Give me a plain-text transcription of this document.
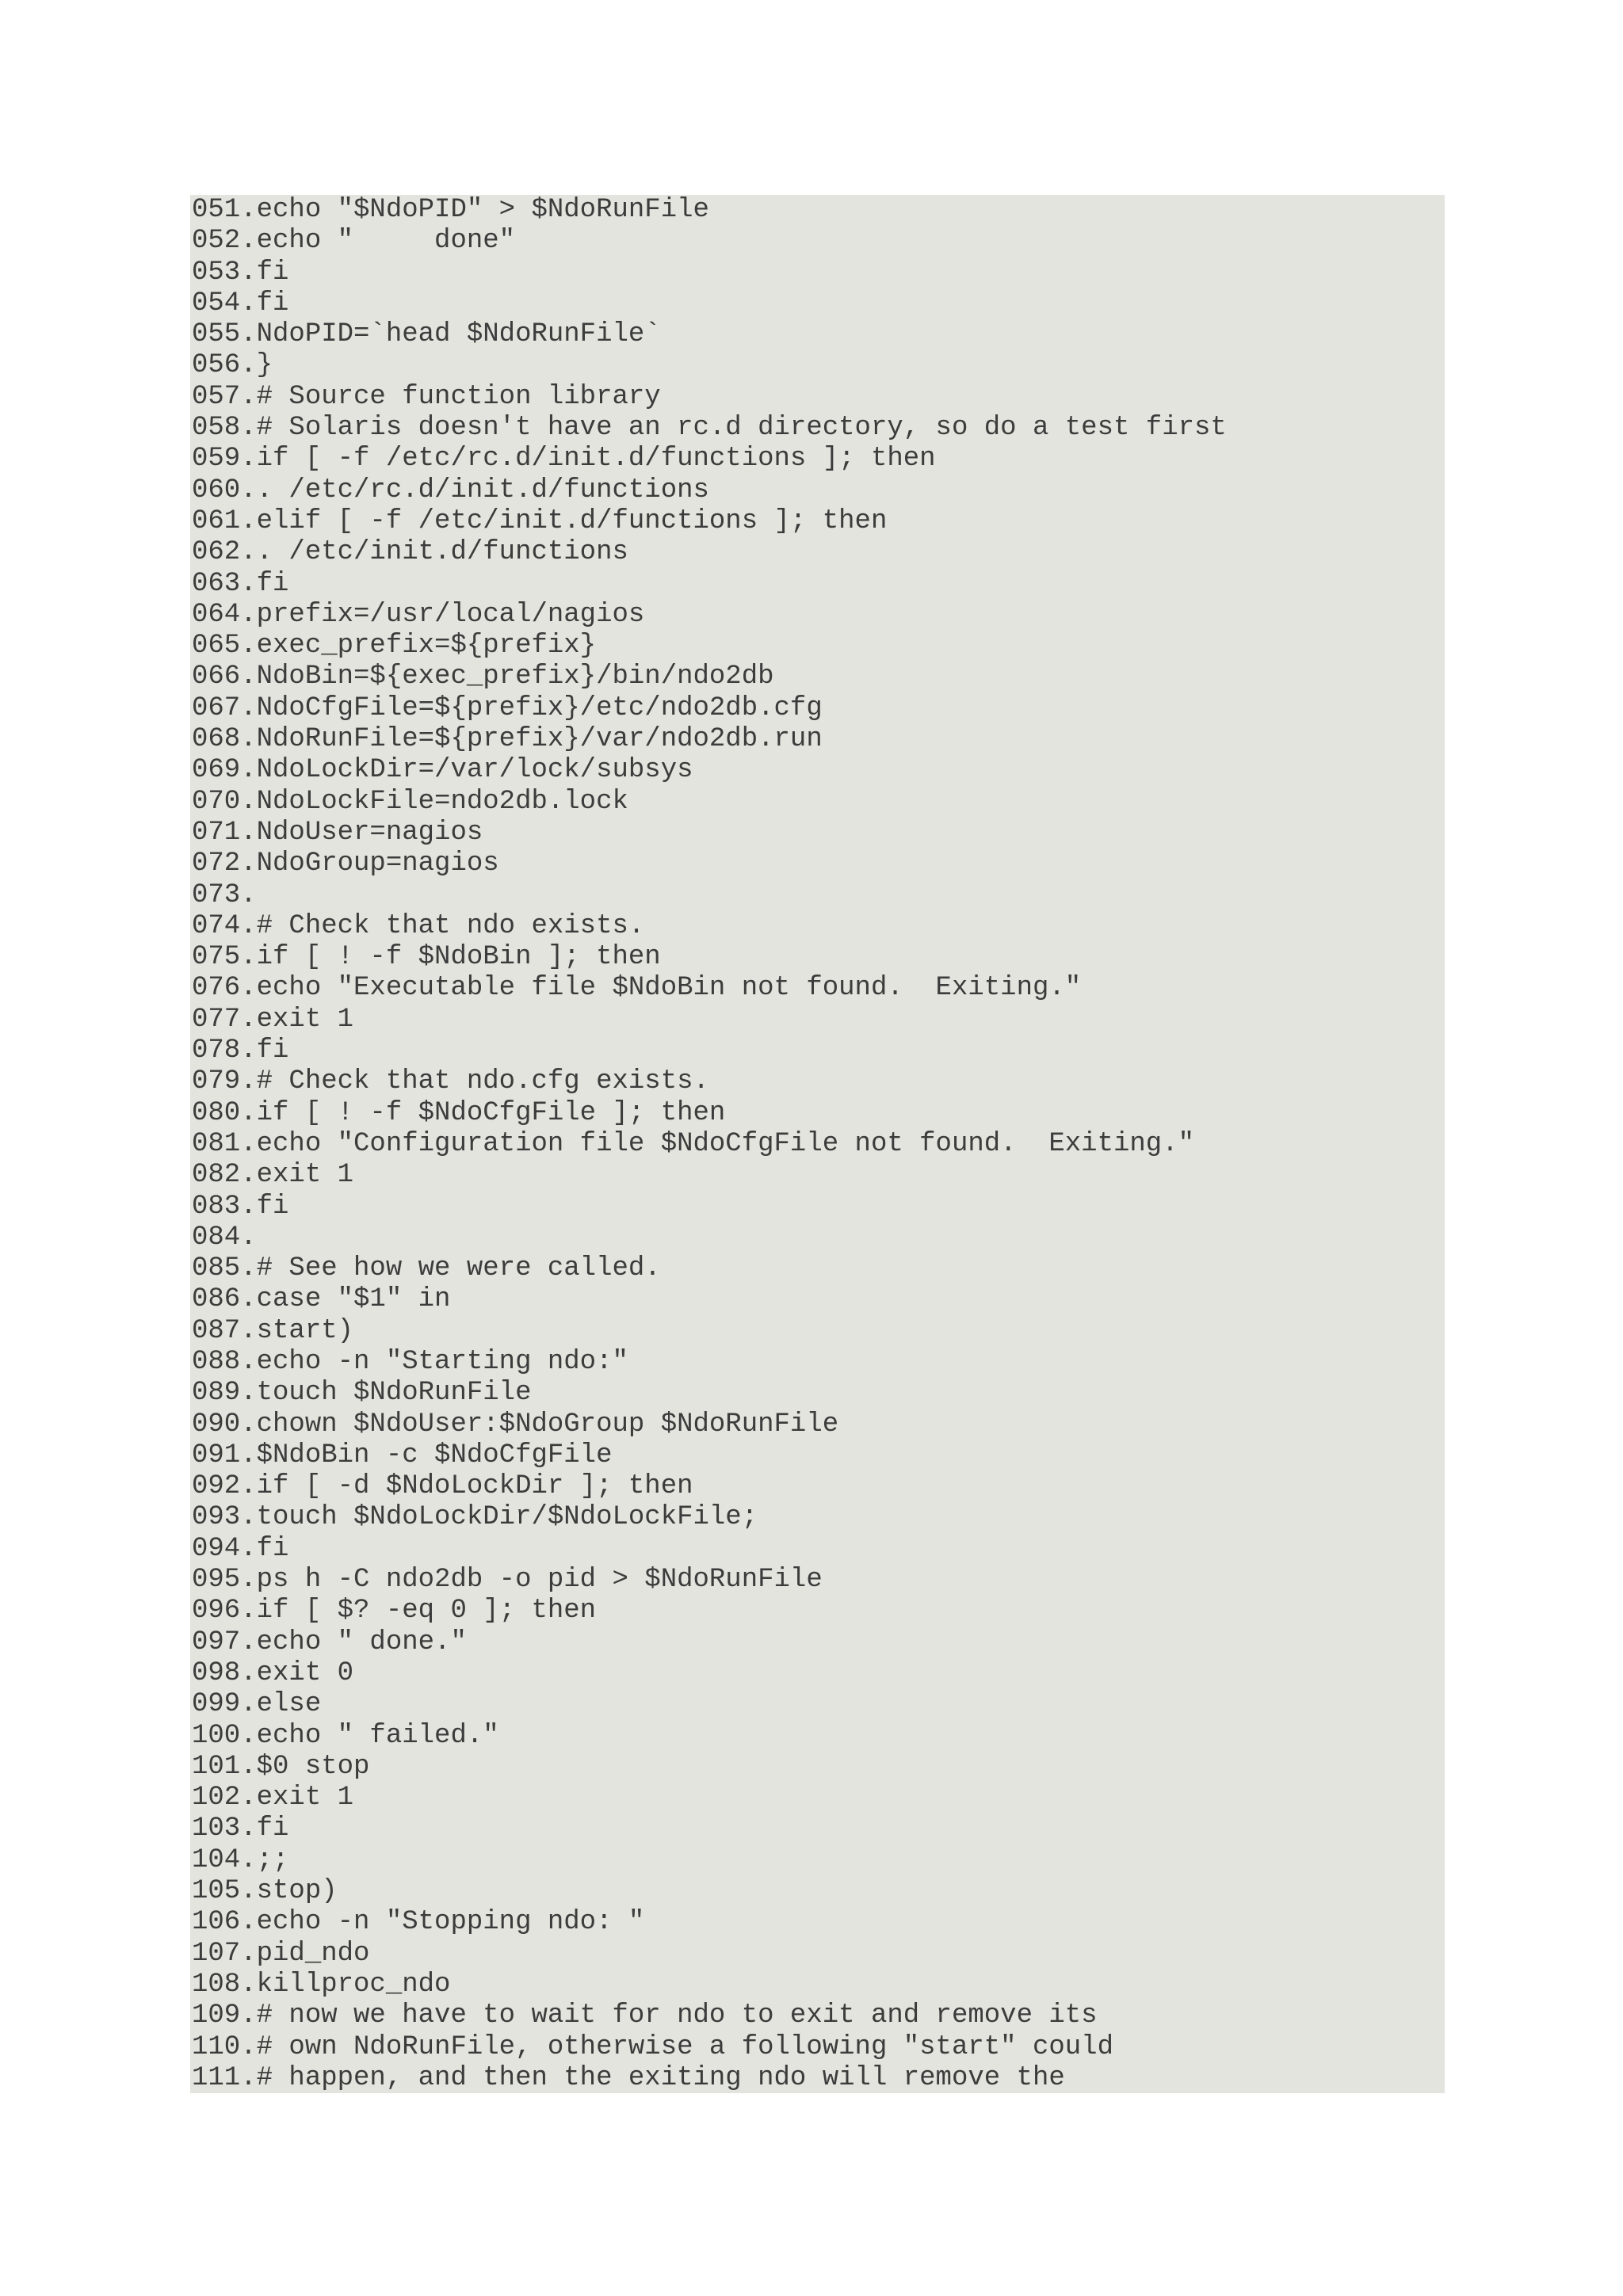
051.echo "$NdoPID" > $NdoRunFile
052.echo "     done"
053.fi
054.fi
055.NdoPID=`head $NdoRunFile`
056.}
057.# Source function library
058.# Solaris doesn't have an rc.d directory, so do a test first
059.if [ -f /etc/rc.d/init.d/functions ]; then
060.. /etc/rc.d/init.d/functions
061.elif [ -f /etc/init.d/functions ]; then
062.. /etc/init.d/functions
063.fi
064.prefix=/usr/local/nagios
065.exec_prefix=${prefix}
066.NdoBin=${exec_prefix}/bin/ndo2db
067.NdoCfgFile=${prefix}/etc/ndo2db.cfg
068.NdoRunFile=${prefix}/var/ndo2db.run
069.NdoLockDir=/var/lock/subsys
070.NdoLockFile=ndo2db.lock
071.NdoUser=nagios
072.NdoGroup=nagios
073.
074.# Check that ndo exists.
075.if [ ! -f $NdoBin ]; then
076.echo "Executable file $NdoBin not found.  Exiting."
077.exit 1
078.fi
079.# Check that ndo.cfg exists.
080.if [ ! -f $NdoCfgFile ]; then
081.echo "Configuration file $NdoCfgFile not found.  Exiting."
082.exit 1
083.fi
084.
085.# See how we were called.
086.case "$1" in
087.start)
088.echo -n "Starting ndo:"
089.touch $NdoRunFile
090.chown $NdoUser:$NdoGroup $NdoRunFile
091.$NdoBin -c $NdoCfgFile
092.if [ -d $NdoLockDir ]; then
093.touch $NdoLockDir/$NdoLockFile;
094.fi
095.ps h -C ndo2db -o pid > $NdoRunFile
096.if [ $? -eq 0 ]; then
097.echo " done."
098.exit 0
099.else
100.echo " failed."
101.$0 stop
102.exit 1
103.fi
104.;;
105.stop)
106.echo -n "Stopping ndo: "
107.pid_ndo
108.killproc_ndo
109.# now we have to wait for ndo to exit and remove its
110.# own NdoRunFile, otherwise a following "start" could
111.# happen, and then the exiting ndo will remove the
